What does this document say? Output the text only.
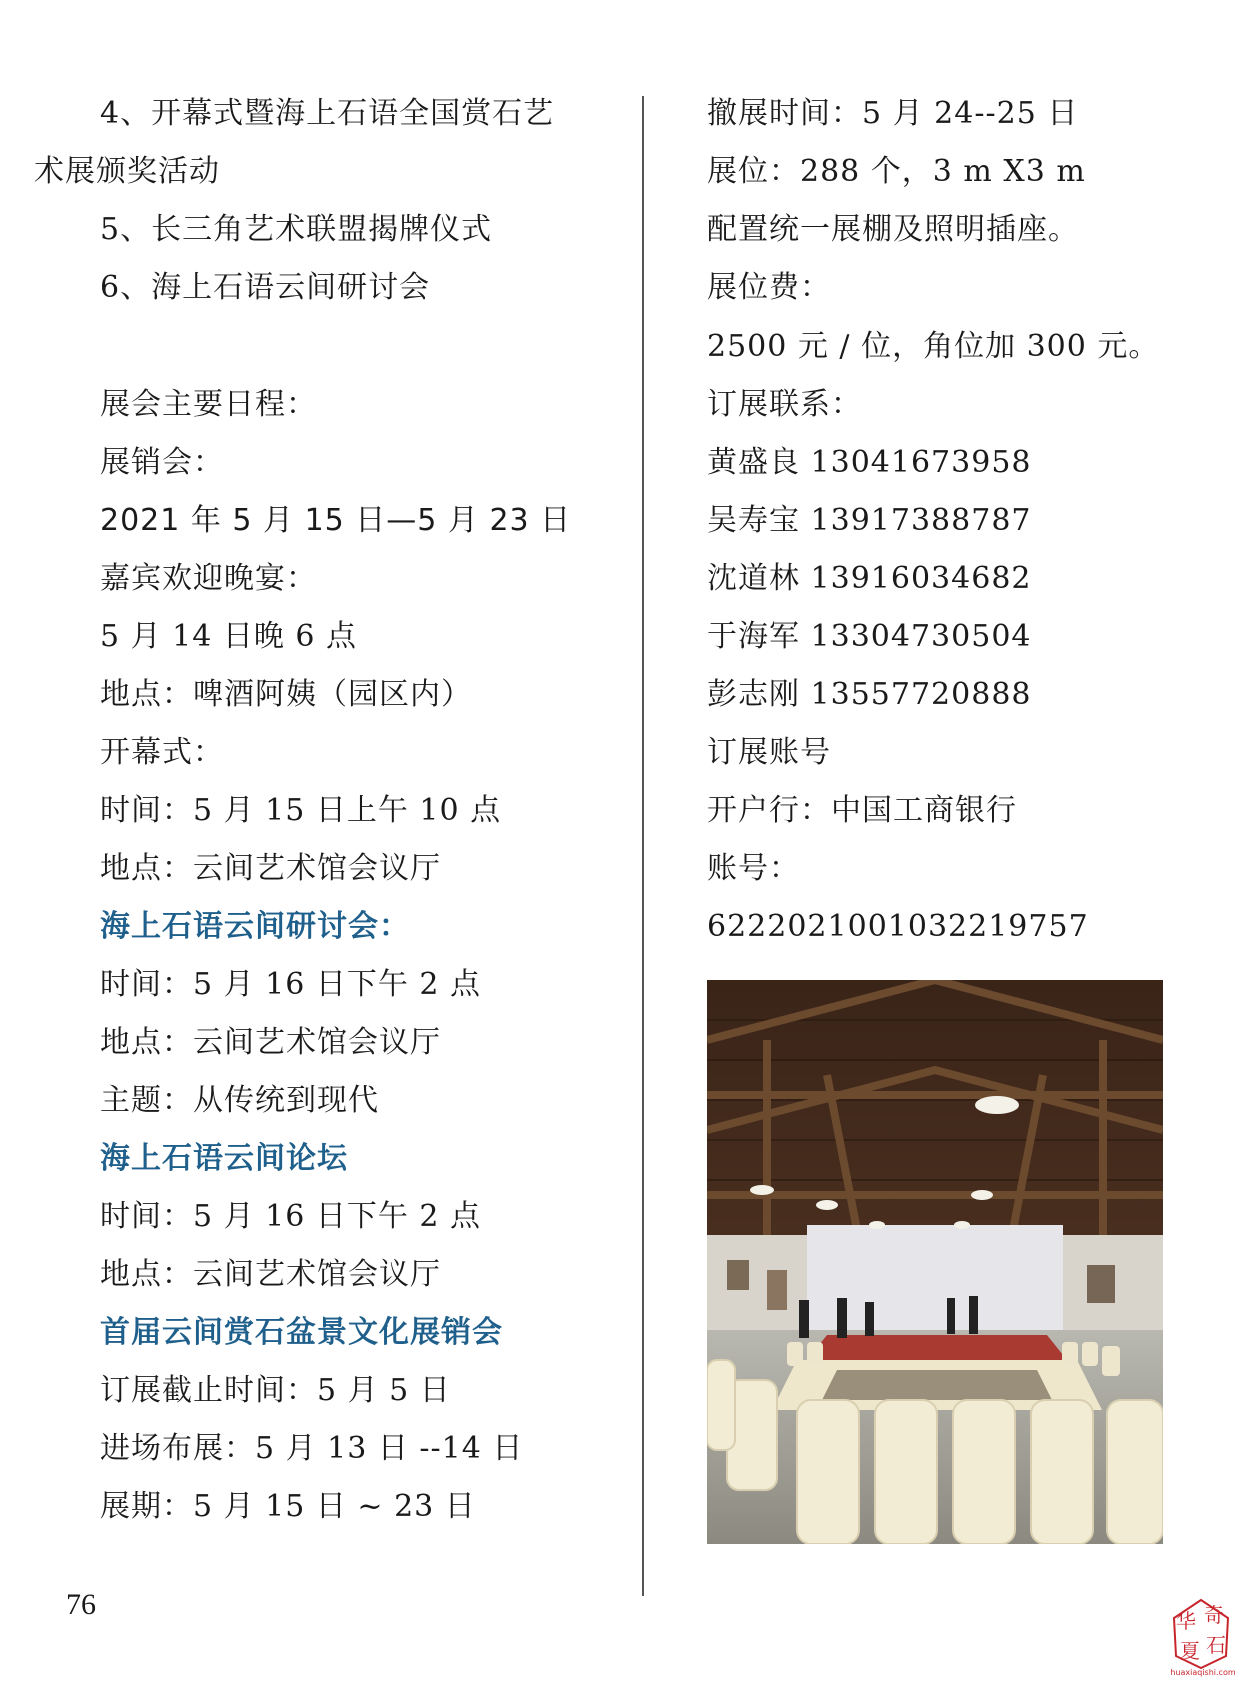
4、开幕式暨海上石语全国赏石艺
术展颁奖活动
5、长三角艺术联盟揭牌仪式
6、海上石语云间研讨会
展会主要日程：
展销会：
2021 年 5 月 15 日—5 月 23 日
嘉宾欢迎晚宴：
5 月 14 日晚 6 点
地点：啤酒阿姨（园区内）
开幕式：
时间：5 月 15 日上午 10 点
地点：云间艺术馆会议厅
海上石语云间研讨会：
时间：5 月 16 日下午 2 点
地点：云间艺术馆会议厅
主题：从传统到现代
海上石语云间论坛
时间：5 月 16 日下午 2 点
地点：云间艺术馆会议厅
首届云间赏石盆景文化展销会
订展截止时间：5 月 5 日
进场布展：5 月 13 日 --14 日
展期：5 月 15 日 ~ 23 日
撤展时间：5 月 24--25 日
展位：288 个，3 m X3 m
配置统一展棚及照明插座。
展位费：
2500 元 / 位，角位加 300 元。
订展联系：
黄盛良 13041673958
吴寿宝 13917388787
沈道林 13916034682
于海军 13304730504
彭志刚 13557720888
订展账号
开户行：中国工商银行
账号：
6222021001032219757
76	华 奇
夏 石
huaxiaqishi.com
